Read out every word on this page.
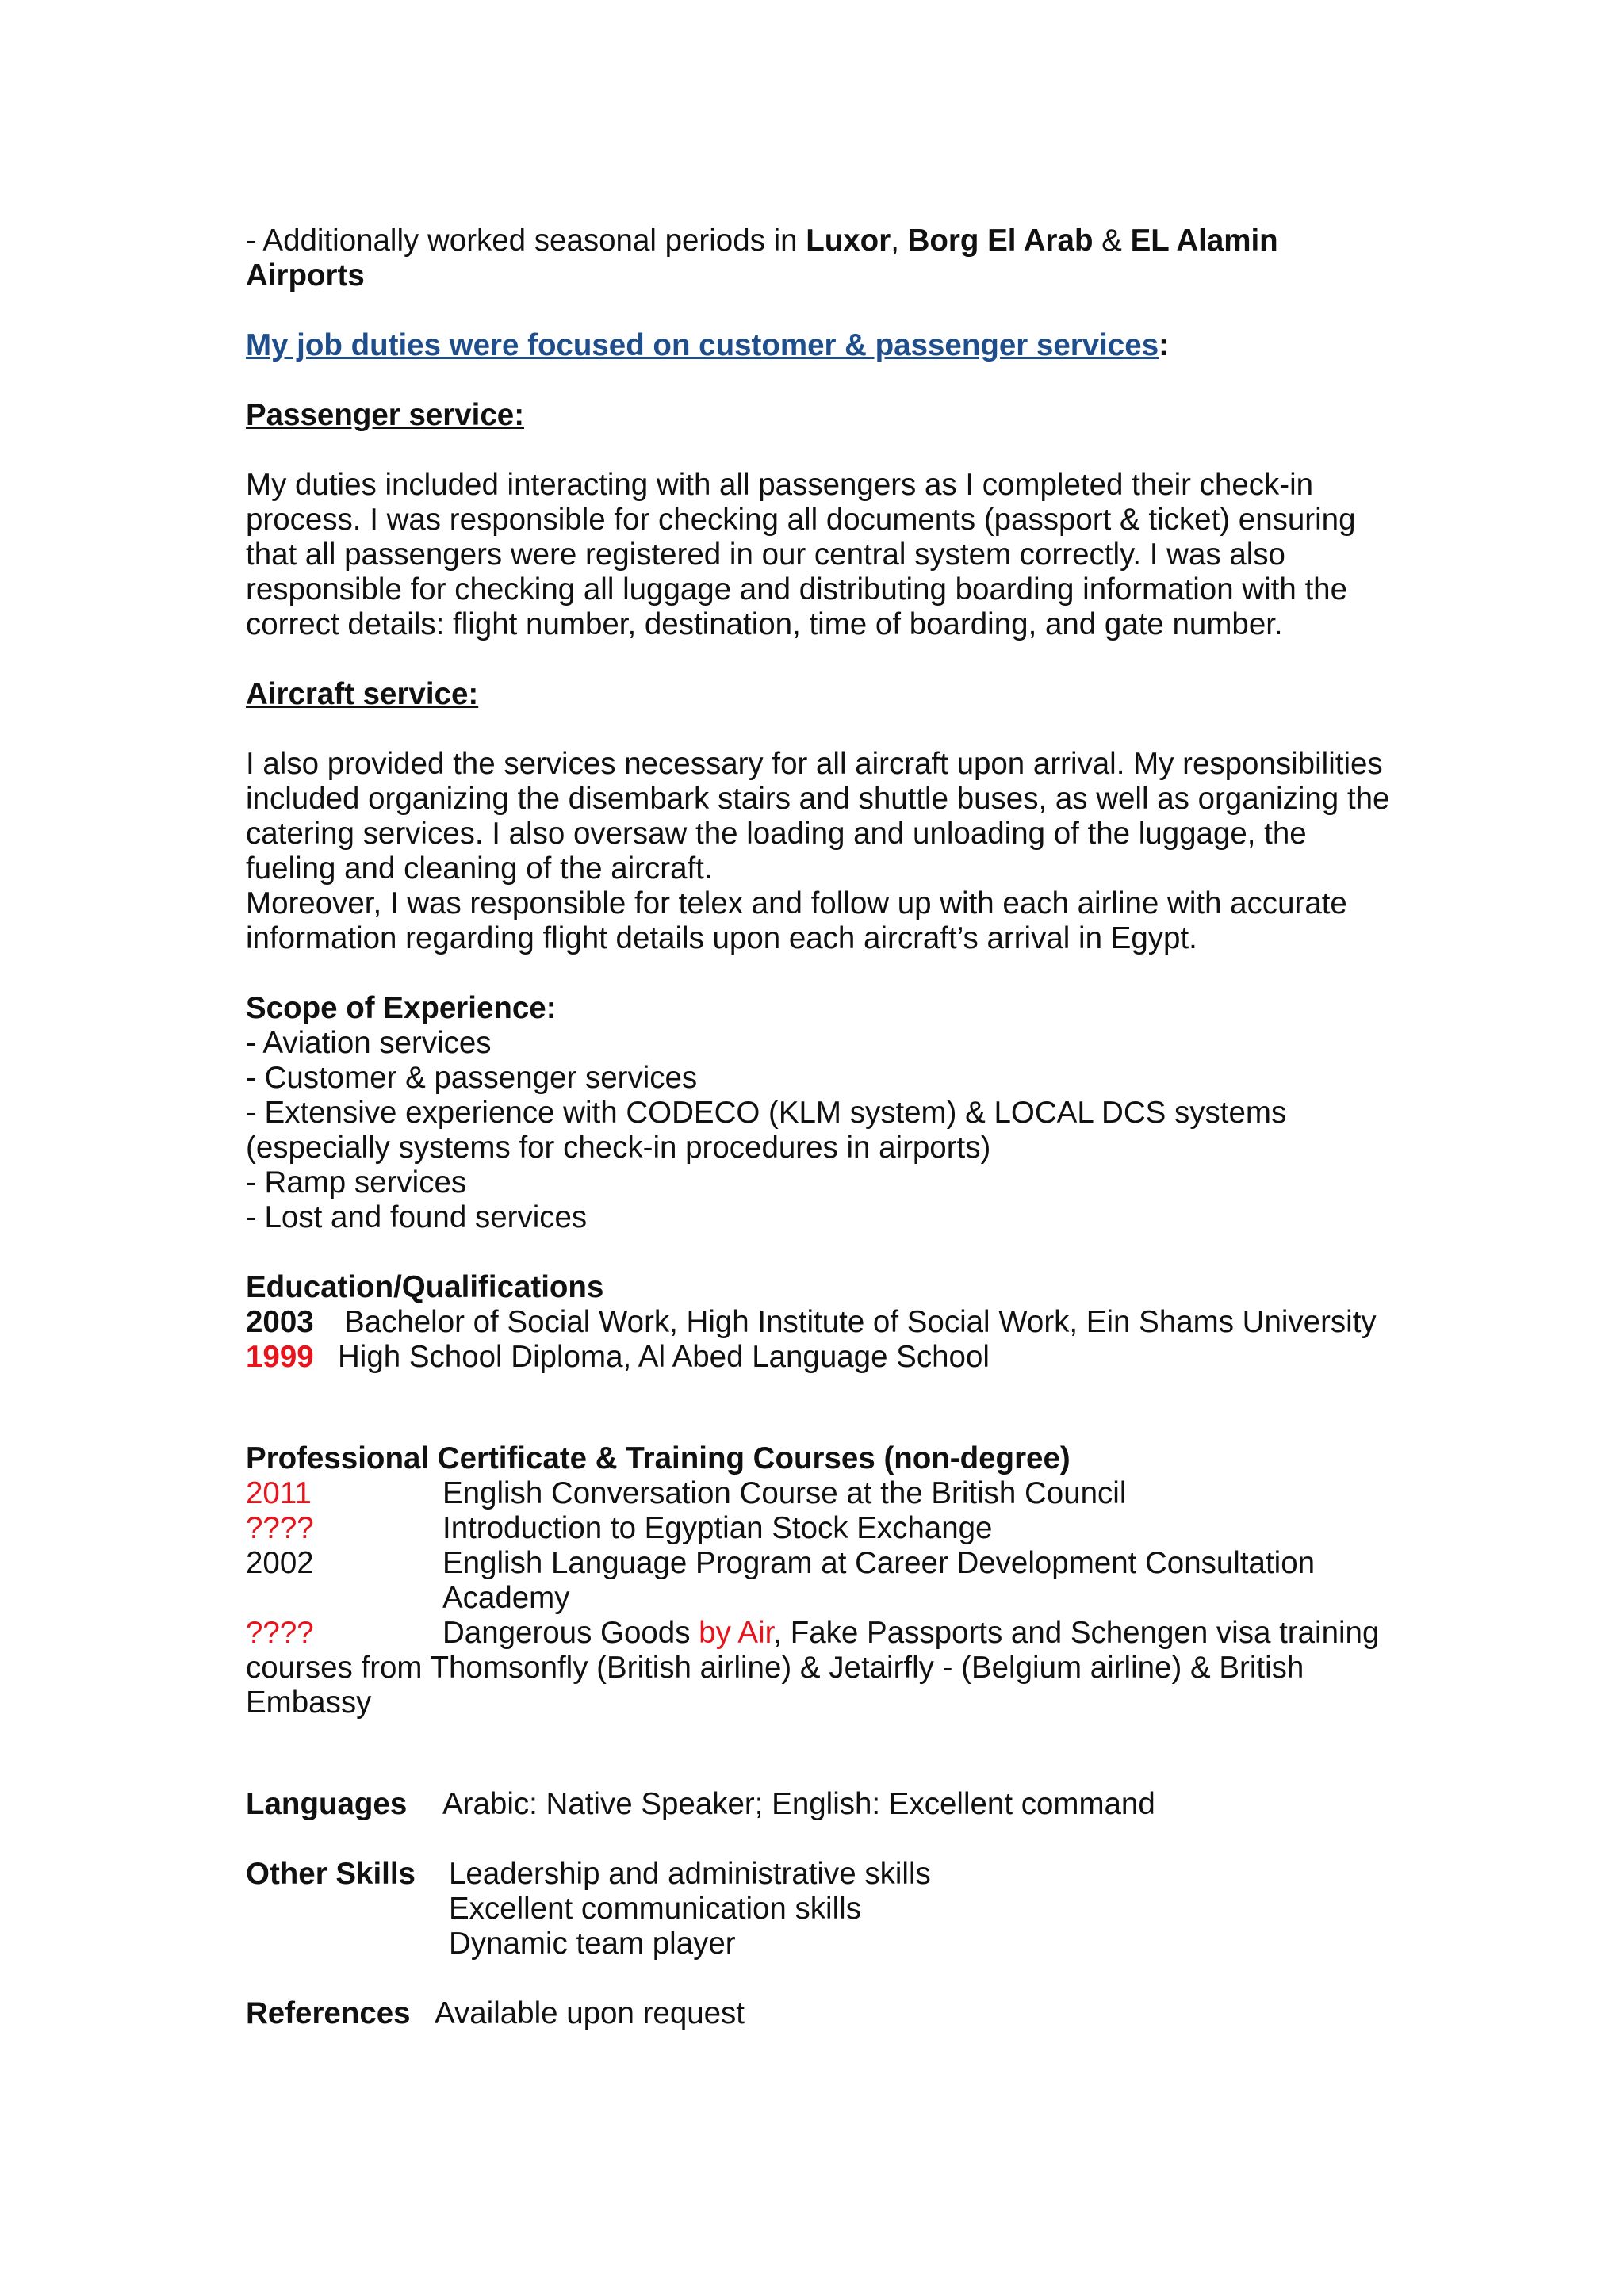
- Additionally worked seasonal periods in Luxor, Borg El Arab & EL Alamin

Airports

My job duties were focused on customer & passenger services:

Passenger service:

My duties included interacting with all passengers as I completed their check-in

process. I was responsible for checking all documents (passport & ticket) ensuring

that all passengers were registered in our central system correctly. I was also

responsible for checking all luggage and distributing boarding information with the

correct details: flight number, destination, time of boarding, and gate number.

Aircraft service:

I also provided the services necessary for all aircraft upon arrival. My responsibilities

included organizing the disembark stairs and shuttle buses, as well as organizing the

catering services. I also oversaw the loading and unloading of the luggage, the

fueling and cleaning of the aircraft.

Moreover, I was responsible for telex and follow up with each airline with accurate

information regarding flight details upon each aircraft’s arrival in Egypt.

Scope of Experience:

- Aviation services

- Customer & passenger services

- Extensive experience with CODECO (KLM system) & LOCAL DCS systems

(especially systems for check-in procedures in airports)

- Ramp services

- Lost and found services

Education/Qualifications

2003 Bachelor of Social Work, High Institute of Social Work, Ein Shams University

1999 High School Diploma, Al Abed Language School

Professional Certificate & Training Courses (non-degree)

2011	English Conversation Course at the British Council
????	Introduction to Egyptian Stock Exchange
2002	English Language Program at Career Development Consultation
Academy
????	Dangerous Goods by Air, Fake Passports and Schengen visa training

courses from Thomsonfly (British airline) & Jetairfly - (Belgium airline) & British

Embassy

Languages Arabic: Native Speaker; English: Excellent command

Other Skills Leadership and administrative skills

Excellent communication skills

Dynamic team player

References Available upon request
